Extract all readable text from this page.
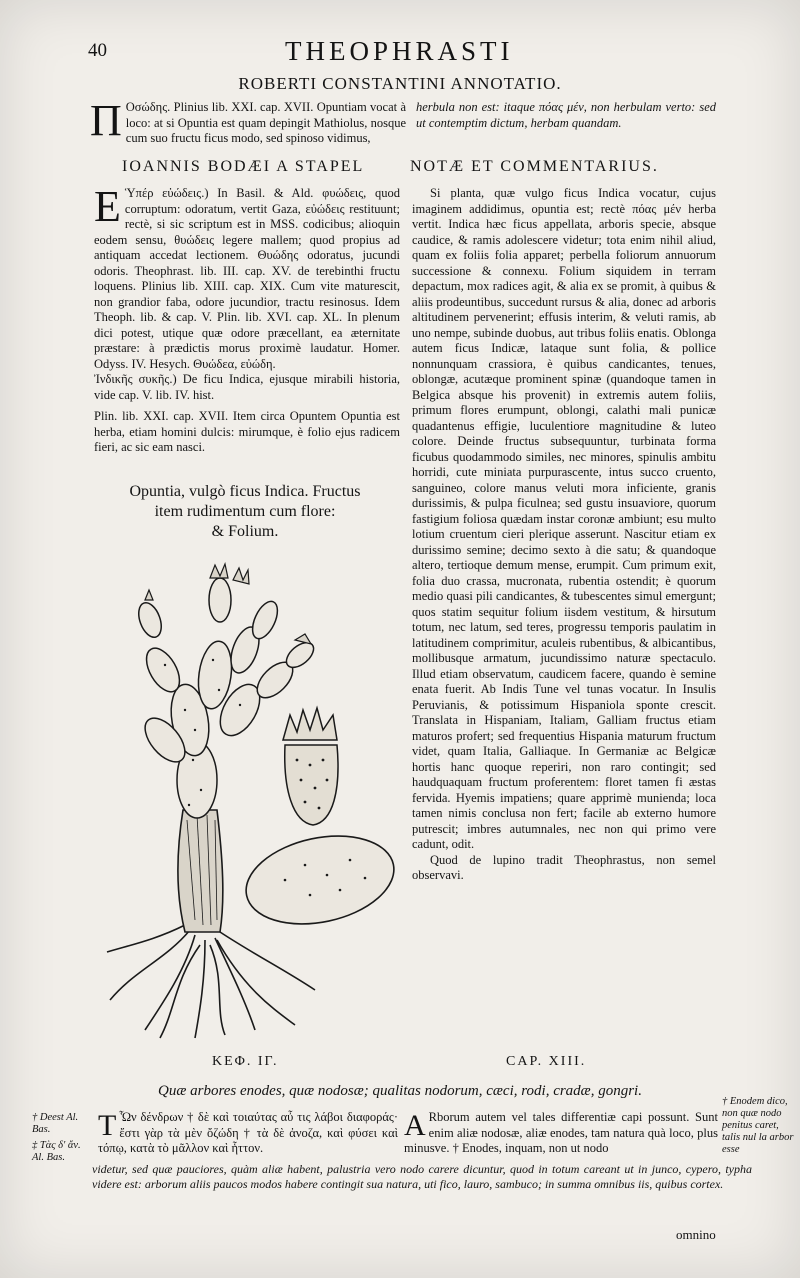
40	THEOPHRASTI
ROBERTI CONSTANTINI ANNOTATIO.
Π Οσώδης. Plinius lib. XXI. cap. XVII. Opuntiam vocat à loco: at si Opuntia est quam depingit Mathiolus, nosque cum suo fructu ficus modo, sed spinoso vidimus,
herbula non est: itaque πόας μέν, non herbulam verto: sed ut contemptim dictum, herbam quandam.
IOANNIS BODÆI A STAPEL	NOTÆ ET COMMENTARIUS.

E Ὑπέρ εὐώδεις.) In Basil. & Ald. φυώδεις, quod corruptum: odoratum, vertit Gaza, εὐώδεις restituunt; rectè, si sic scriptum est in MSS. codicibus; alioquin eodem sensu, θυώδεις legere mallem; quod propius ad antiquam accedat lectionem. Θυώδης odoratus, jucundi odoris. Theophrast. lib. III. cap. XV. de terebinthi fructu loquens. Plinius lib. XIII. cap. XIX. Cum vite maturescit, non grandior faba, odore jucundior, tractu resinosus. Idem Theoph. lib. & cap. V. Plin. lib. XVI. cap. XL. In plenum dici potest, utique quæ odore præcellant, ea æternitate præstare: à prædictis morus proximè laudatur. Homer. Odyss. IV. Hesych. Θυώδεα, εὐώδη.

Ἰνδικῆς συκῆς.) De ficu Indica, ejusque mirabili historia, vide cap. V. lib. IV. hist.

Plin. lib. XXI. cap. XVII. Item circa Opuntem Opuntia est herba, etiam homini dulcis: mirumque, è folio ejus radicem fieri, ac sic eam nasci.

Opuntia, vulgò ficus Indica. Fructus
item rudimentum cum flore:
& Folium.

Si planta, quæ vulgo ficus Indica vocatur, cujus imaginem addidimus, opuntia est; rectè πόας μέν herba vertit. Indica hæc ficus appellata, arboris specie, absque caudice, & ramis adolescere videtur; tota enim nihil aliud, quam ex foliis folia apparet; perbella foliorum annuorum successione & connexu. Folium siquidem in terram depactum, mox radices agit, & alia ex se promit, à quibus & aliis prodeuntibus, succedunt rursus & alia, donec ad arboris altitudinem pervenerint; effusis interim, & veluti ramis, ab uno nempe, subinde duobus, aut tribus foliis enatis. Oblonga autem ficus Indicæ, lataque sunt folia, & pollice nonnunquam crassiora, è quibus candicantes, tenues, oblongæ, acutæque prominent spinæ (quandoque tamen in Belgica absque his provenit) in extremis autem foliis, primum flores erumpunt, oblongi, calathi mali punicæ quadantenus effigie, luculentiore magnitudine & luteo colore. Deinde fructus subsequuntur, turbinata forma ficubus quodammodo similes, nec minores, spinulis ambitu horridi, cute miniata purpurascente, intus succo cruento, sanguineo, colore manus veluti mora inficiente, granis durissimis, & pulpa ficulnea; sed gustu insuaviore, quorum fastigium foliosa quædam instar coronæ ambiunt; esu multo lotium cruentum cieri plerique asserunt. Nascitur etiam ex durissimo semine; decimo sexto à die satu; & quandoque altero, tertioque demum mense, erumpit. Cum primum exit, folia duo crassa, mucronata, rubentia ostendit; è quorum medio quasi pili candicantes, & tubescentes simul emergunt; quos statim sequitur folium iisdem vestitum, & hirsutum totum, nec latum, sed teres, progressu temporis paulatim in latitudinem comprimitur, aculeis rubentibus, & albicantibus, mollibusque armatum, jucundissimo naturæ spectaculo. Illud etiam observatum, caudicem facere, quando è semine enata fuerit. Ab Indis Tune vel tunas vocatur. In Insulis Peruvianis, & potissimum Hispaniola sponte crescit. Translata in Hispaniam, Italiam, Galliam fructus etiam maturos profert; sed frequentius Hispania maturum fructum videt, quam Italia, Galliaque. In Germaniæ ac Belgicæ hortis hanc quoque reperiri, non raro contingit; sed haudquaquam fructum proferentem: floret tamen fi æstas fervida. Hyemis impatiens; quare apprimè munienda; loca tamen nimis conclusa non fert; facile ab externo humore putrescit; imbres autumnales, nec non qui primo vere cadunt, odit.

Quod de lupino tradit Theophrastus, non semel observavi.

ΚΕΦ. ΙΓ.	CAP. XIII.
Quæ arbores enodes, quæ nodosæ; qualitas nodorum, cæci, rodi, cradæ, gongri.
† Deest Al. Bas.
‡ Τὰς δ' ἄν. Al. Bas.
† Enodem dico, non quæ nodo penitus caret, talis nul la arbor esse
Τ Ὧν δένδρων † δὲ καὶ τοιαύτας αὖ τις λάβοι διαφοράς· ἔστι γὰρ τὰ μὲν ὄζώδη † τὰ δὲ ἀνοζα, καὶ φύσει καὶ τόπῳ, κατὰ τὸ μᾶλλον καὶ ἧττον.
A Rborum autem vel tales differentiæ capi possunt. Sunt enim aliæ nodosæ, aliæ enodes, tam natura quà loco, plus minusve. † Enodes, inquam, non ut nodo
videtur, sed quæ pauciores, quàm aliæ habent, palustria vero nodo carere dicuntur, quod in totum careant ut in junco, cypero, typha videre est: arborum aliis paucos modos habere contingit sua natura, uti fico, lauro, sambuco; in summa omnibus iis, quibus cortex.
omnino
